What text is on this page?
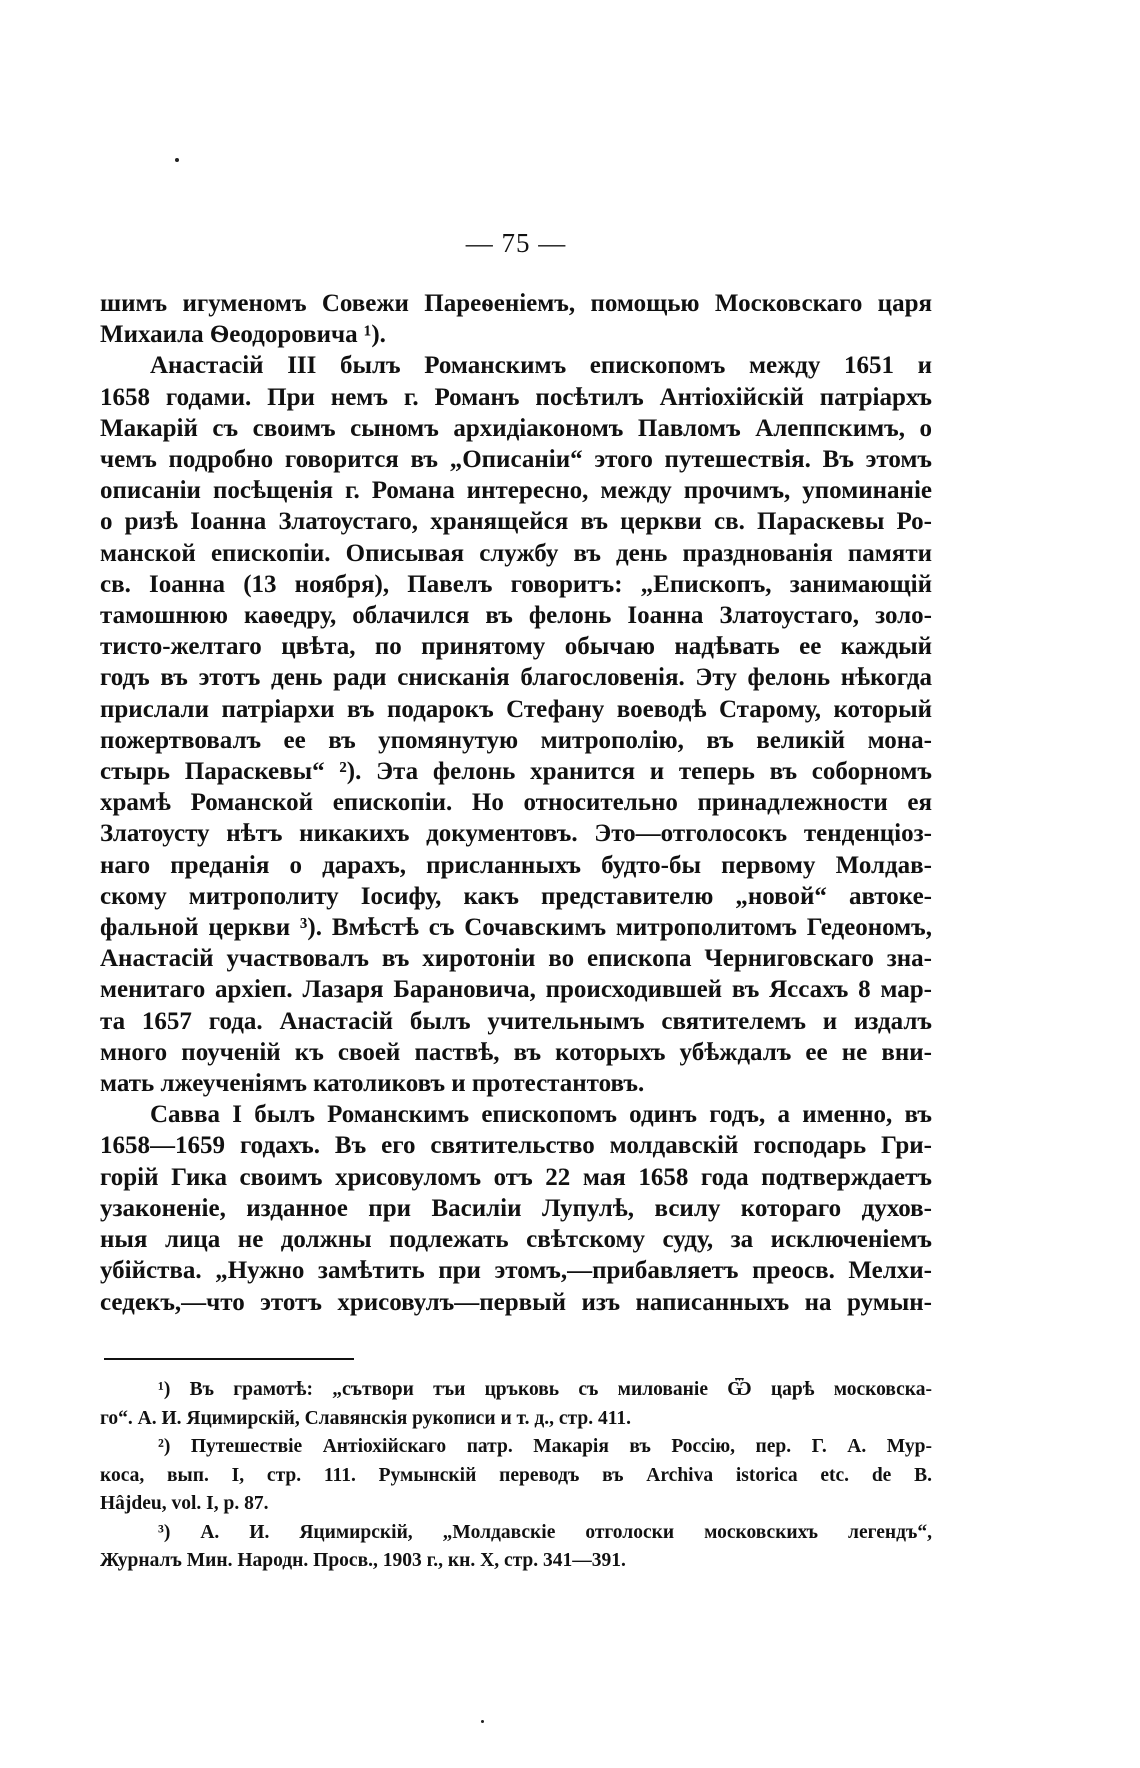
— 75 —
шимъ игуменомъ Совежи Пареѳеніемъ, помощью Московскаго царя
Михаила Ѳеодоровича ¹).
Анастасій III былъ Романскимъ епископомъ между 1651 и
1658 годами. При немъ г. Романъ посѣтилъ Антіохійскій патріархъ
Макарій съ своимъ сыномъ архидіакономъ Павломъ Алеппскимъ, о
чемъ подробно говорится въ „Описаніи“ этого путешествія. Въ этомъ
описаніи посѣщенія г. Романа интересно, между прочимъ, упоминаніе
о ризѣ Іоанна Златоустаго, хранящейся въ церкви св. Параскевы Ро-
манской епископіи. Описывая службу въ день празднованія памяти
св. Іоанна (13 ноября), Павелъ говоритъ: „Епископъ, занимающій
тамошнюю каѳедру, облачился въ фелонь Іоанна Златоустаго, золо-
тисто-желтаго цвѣта, по принятому обычаю надѣвать ее каждый
годъ въ этотъ день ради снисканія благословенія. Эту фелонь нѣкогда
прислали патріархи въ подарокъ Стефану воеводѣ Старому, который
пожертвовалъ ее въ упомянутую митрополію, въ великій мона-
стырь Параскевы“ ²). Эта фелонь хранится и теперь въ соборномъ
храмѣ Романской епископіи. Но относительно принадлежности ея
Златоусту нѣтъ никакихъ документовъ. Это—отголосокъ тенденціоз-
наго преданія о дарахъ, присланныхъ будто-бы первому Молдав-
скому митрополиту Іосифу, какъ представителю „новой“ автоке-
фальной церкви ³). Вмѣстѣ съ Сочавскимъ митрополитомъ Гедеономъ,
Анастасій участвовалъ въ хиротоніи во епископа Черниговскаго зна-
менитаго архіеп. Лазаря Барановича, происходившей въ Яссахъ 8 мар-
та 1657 года. Анастасій былъ учительнымъ святителемъ и издалъ
много поученій къ своей паствѣ, въ которыхъ убѣждалъ ее не вни-
мать лжеученіямъ католиковъ и протестантовъ.
Савва I былъ Романскимъ епископомъ одинъ годъ, а именно, въ
1658—1659 годахъ. Въ его святительство молдавскій господарь Гри-
горій Гика своимъ хрисовуломъ отъ 22 мая 1658 года подтверждаетъ
узаконеніе, изданное при Василіи Лупулѣ, всилу котораго духов-
ныя лица не должны подлежать свѣтскому суду, за исключеніемъ
убійства. „Нужно замѣтить при этомъ,—прибавляетъ преосв. Мелхи-
седекъ,—что этотъ хрисовулъ—первый изъ написанныхъ на румын-
¹) Въ грамотѣ: „сътвори тъи цръковь съ милованіе Ѿ царѣ московска-
го“. А. И. Яцимирскій, Славянскія рукописи и т. д., стр. 411.
²) Путешествіе Антіохійскаго патр. Макарія въ Россію, пер. Г. А. Мур-
коса, вып. I, стр. 111. Румынскій переводъ въ Archiva istorica etc. de B.
Hâjdeu, vol. I, p. 87.
³) А. И. Яцимирскій, „Молдавскіе отголоски московскихъ легендъ“,
Журналъ Мин. Народн. Просв., 1903 г., кн. X, стр. 341—391.
